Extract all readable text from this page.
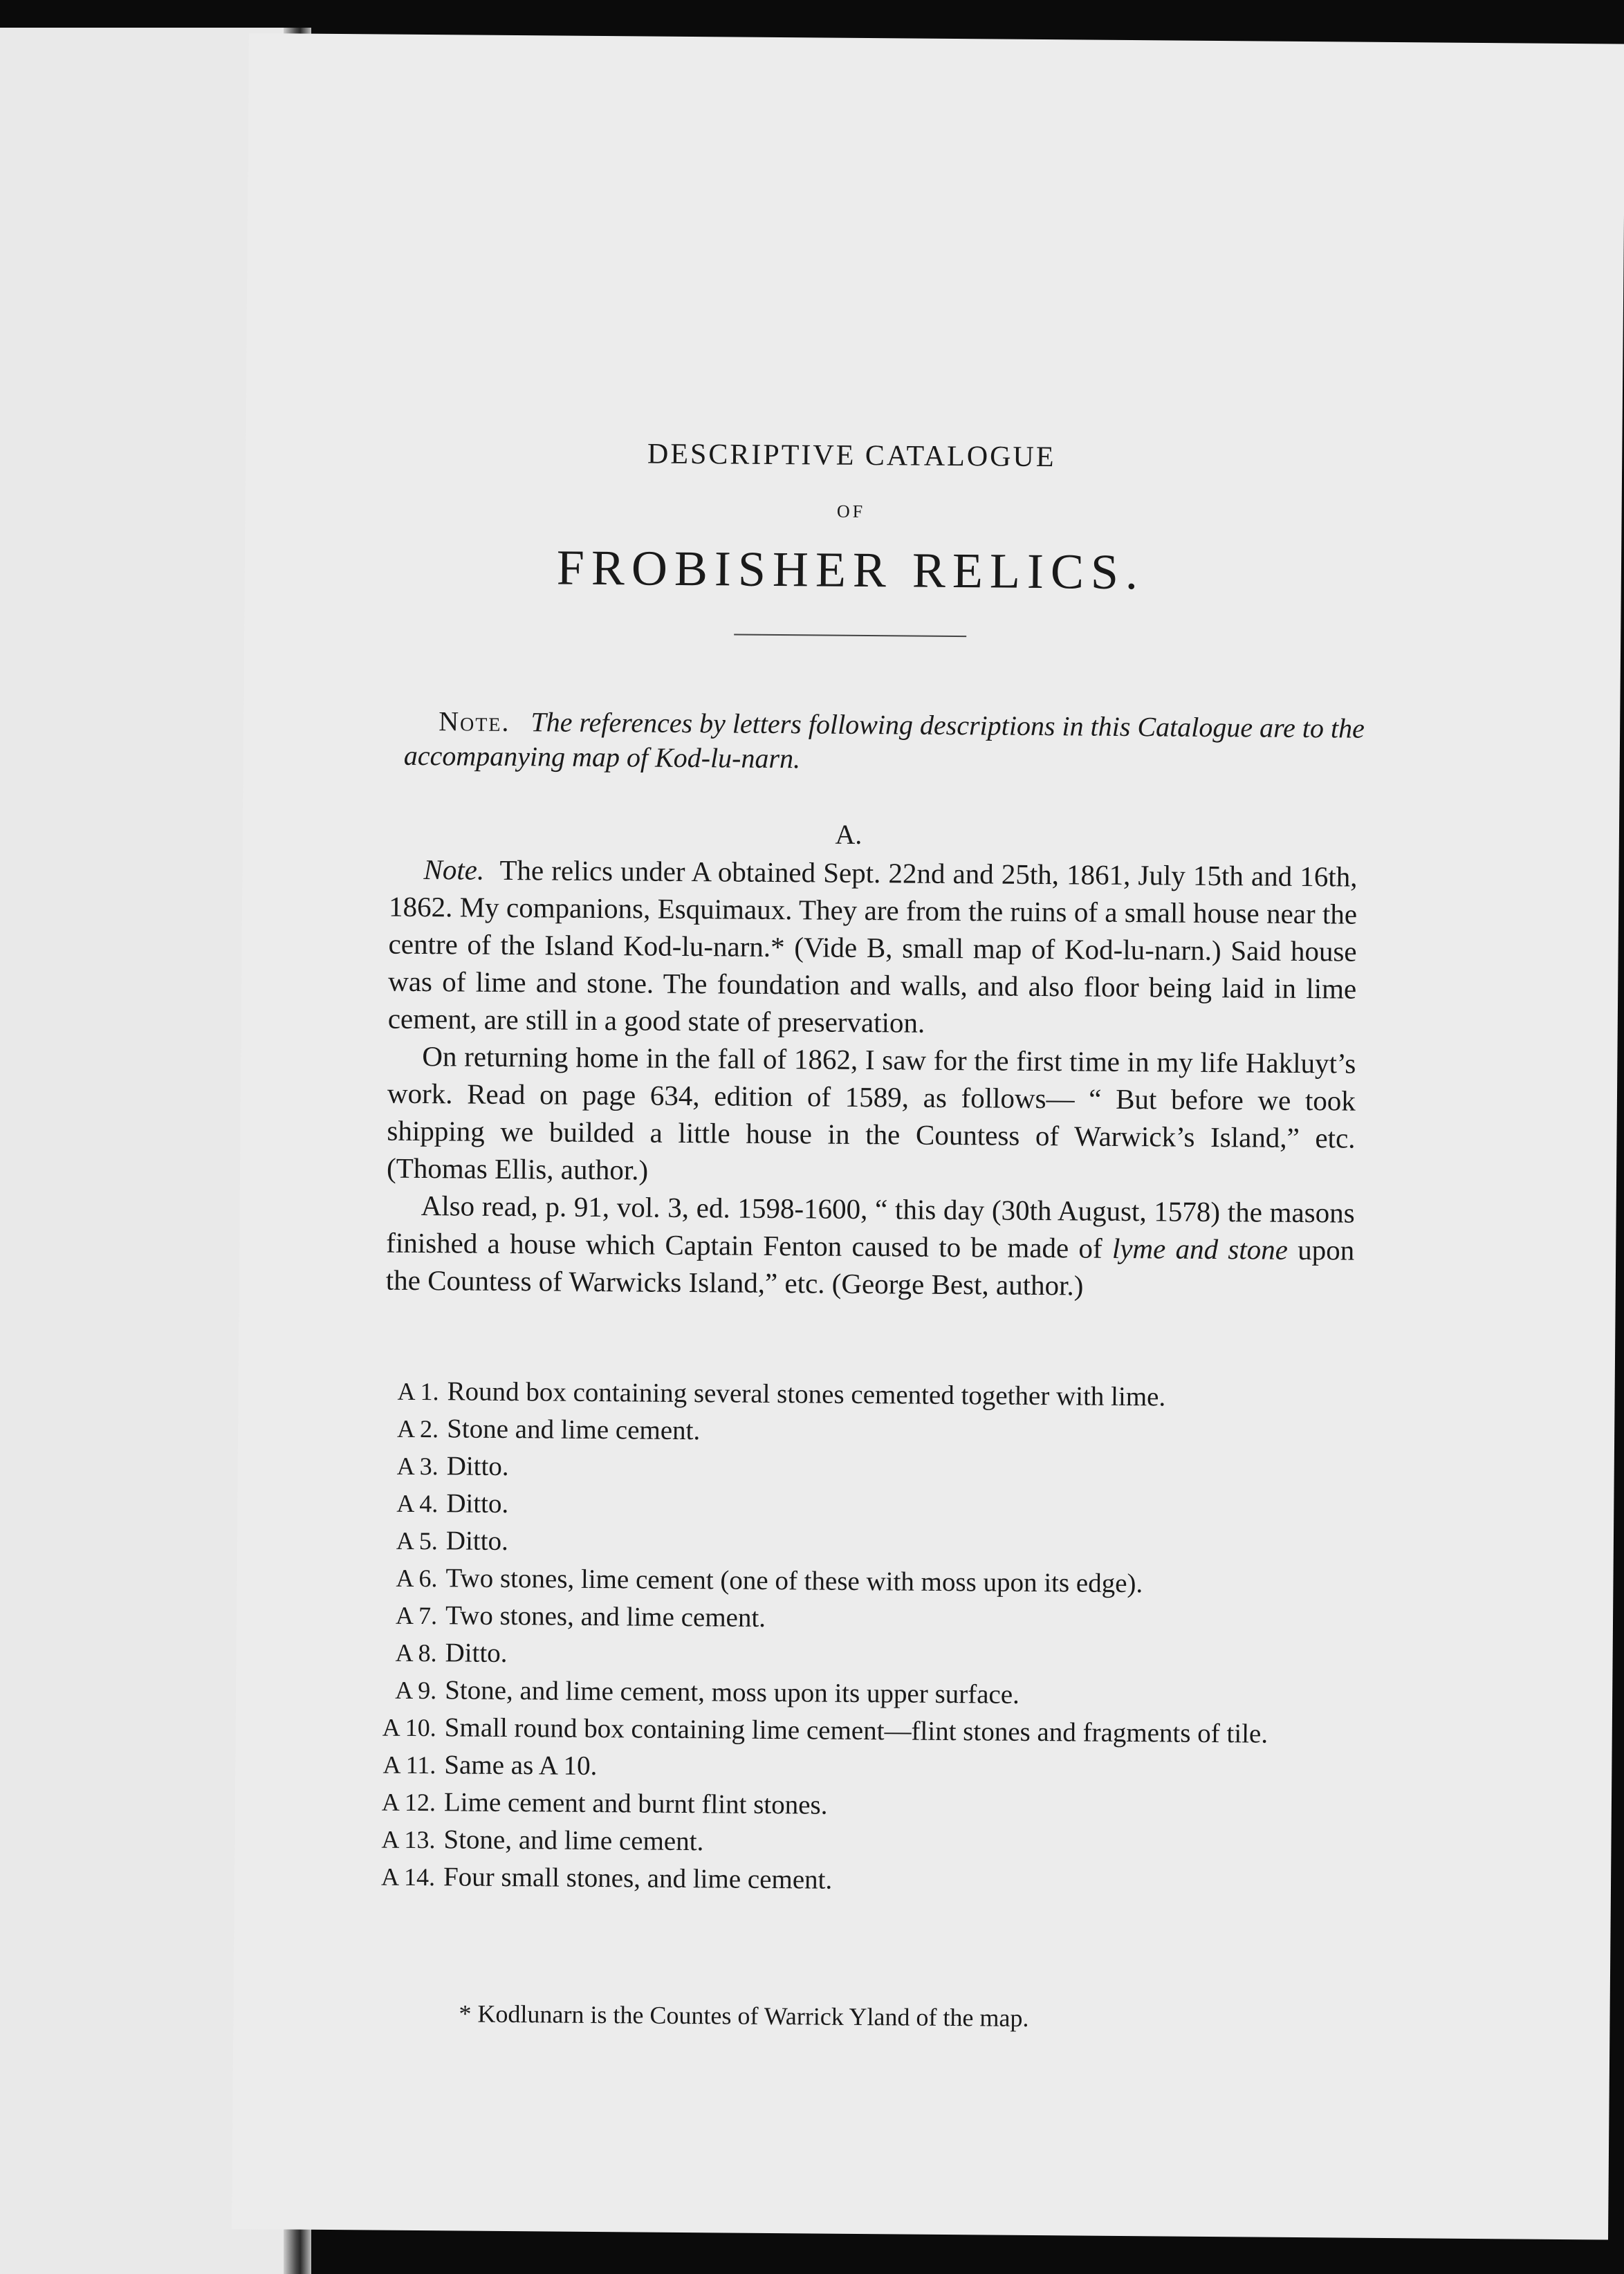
DESCRIPTIVE CATALOGUE
OF
FROBISHER RELICS.
Note. The references by letters following descriptions in this Catalogue are to the accompanying map of Kod-lu-narn.
A.

Note. The relics under A obtained Sept. 22nd and 25th, 1861, July 15th and 16th, 1862. My companions, Esquimaux. They are from the ruins of a small house near the centre of the Island Kod-lu-narn.* (Vide B, small map of Kod-lu-narn.) Said house was of lime and stone. The foundation and walls, and also floor being laid in lime cement, are still in a good state of preservation.

On returning home in the fall of 1862, I saw for the first time in my life Hakluyt’s work. Read on page 634, edition of 1589, as follows— “ But before we took shipping we builded a little house in the Countess of Warwick’s Island,” etc. (Thomas Ellis, author.)

Also read, p. 91, vol. 3, ed. 1598-1600, “ this day (30th August, 1578) the masons finished a house which Captain Fenton caused to be made of lyme and stone upon the Countess of Warwicks Island,” etc. (George Best, author.)

A 1. Round box containing several stones cemented together with lime.

A 2. Stone and lime cement.

A 3. Ditto.

A 4. Ditto.

A 5. Ditto.

A 6. Two stones, lime cement (one of these with moss upon its edge).

A 7. Two stones, and lime cement.

A 8. Ditto.

A 9. Stone, and lime cement, moss upon its upper surface.

A 10. Small round box containing lime cement—flint stones and fragments of tile.

A 11. Same as A 10.

A 12. Lime cement and burnt flint stones.

A 13. Stone, and lime cement.

A 14. Four small stones, and lime cement.

* Kodlunarn is the Countes of Warrick Yland of the map.
